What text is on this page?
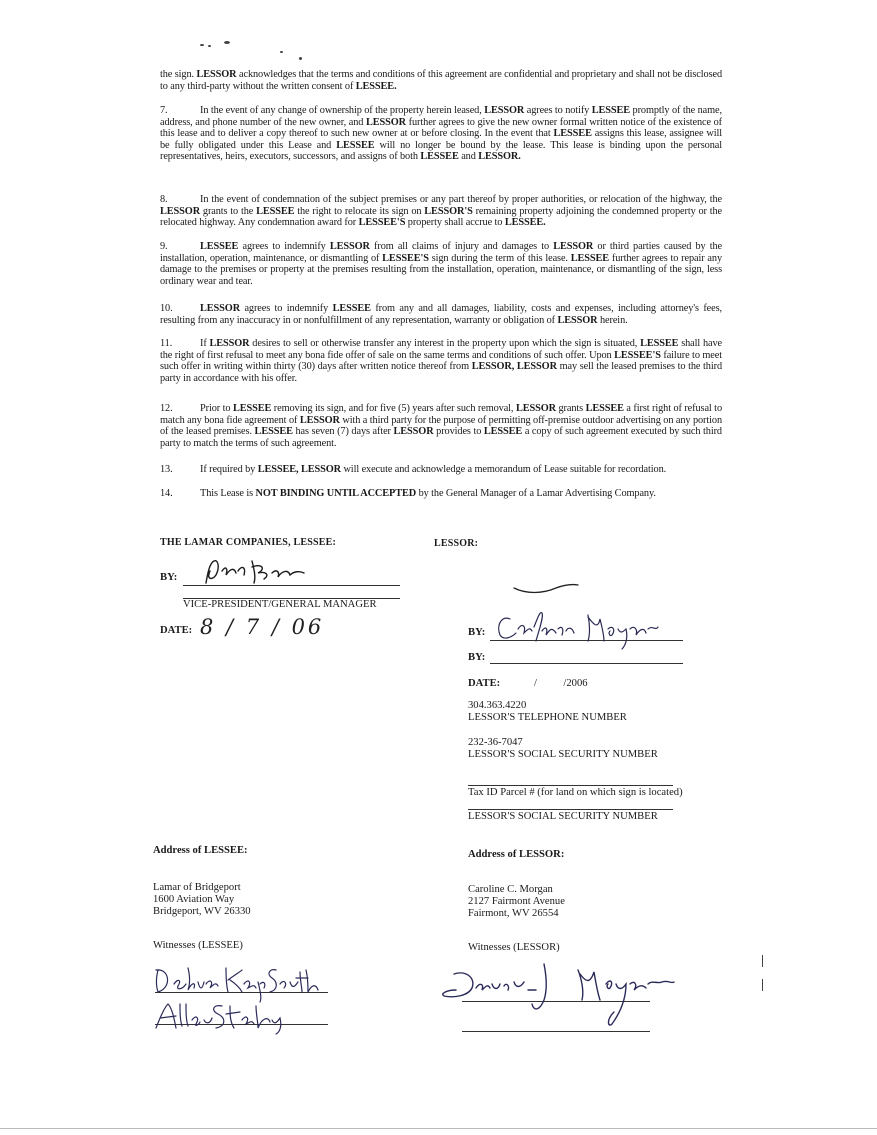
the sign. LESSOR acknowledges that the terms and conditions of this agreement are confidential and proprietary and shall not be disclosed to any third-party without the written consent of LESSEE.
7.	In the event of any change of ownership of the property herein leased, LESSOR agrees to notify LESSEE promptly of the name, address, and phone number of the new owner, and LESSOR further agrees to give the new owner formal written notice of the existence of this lease and to deliver a copy thereof to such new owner at or before closing. In the event that LESSEE assigns this lease, assignee will be fully obligated under this Lease and LESSEE will no longer be bound by the lease. This lease is binding upon the personal representatives, heirs, executors, successors, and assigns of both LESSEE and LESSOR.
8.	In the event of condemnation of the subject premises or any part thereof by proper authorities, or relocation of the highway, the LESSOR grants to the LESSEE the right to relocate its sign on LESSOR'S remaining property adjoining the condemned property or the relocated highway. Any condemnation award for LESSEE'S property shall accrue to LESSEE.
9.	LESSEE agrees to indemnify LESSOR from all claims of injury and damages to LESSOR or third parties caused by the installation, operation, maintenance, or dismantling of LESSEE'S sign during the term of this lease. LESSEE further agrees to repair any damage to the premises or property at the premises resulting from the installation, operation, maintenance, or dismantling of the sign, less ordinary wear and tear.
10.	LESSOR agrees to indemnify LESSEE from any and all damages, liability, costs and expenses, including attorney's fees, resulting from any inaccuracy in or nonfulfillment of any representation, warranty or obligation of LESSOR herein.
11.	If LESSOR desires to sell or otherwise transfer any interest in the property upon which the sign is situated, LESSEE shall have the right of first refusal to meet any bona fide offer of sale on the same terms and conditions of such offer. Upon LESSEE'S failure to meet such offer in writing within thirty (30) days after written notice thereof from LESSOR, LESSOR may sell the leased premises to the third party in accordance with his offer.
12.	Prior to LESSEE removing its sign, and for five (5) years after such removal, LESSOR grants LESSEE a first right of refusal to match any bona fide agreement of LESSOR with a third party for the purpose of permitting off-premise outdoor advertising on any portion of the leased premises. LESSEE has seven (7) days after LESSOR provides to LESSEE a copy of such agreement executed by such third party to match the terms of such agreement.
13.	If required by LESSEE, LESSOR will execute and acknowledge a memorandum of Lease suitable for recordation.
14.	This Lease is NOT BINDING UNTIL ACCEPTED by the General Manager of a Lamar Advertising Company.
THE LAMAR COMPANIES, LESSEE:
BY:
VICE-PRESIDENT/GENERAL MANAGER
DATE: 8 / 7 / 06
LESSOR:
BY:
BY:
DATE:	/          /2006
304.363.4220
LESSOR'S TELEPHONE NUMBER
232-36-7047
LESSOR'S SOCIAL SECURITY NUMBER
Tax ID Parcel # (for land on which sign is located)
LESSOR'S SOCIAL SECURITY NUMBER
Address of LESSEE:
Lamar of Bridgeport
1600 Aviation Way
Bridgeport, WV 26330
Address of LESSOR:
Caroline C. Morgan
2127 Fairmont Avenue
Fairmont, WV 26554
Witnesses (LESSEE)	Witnesses (LESSOR)
